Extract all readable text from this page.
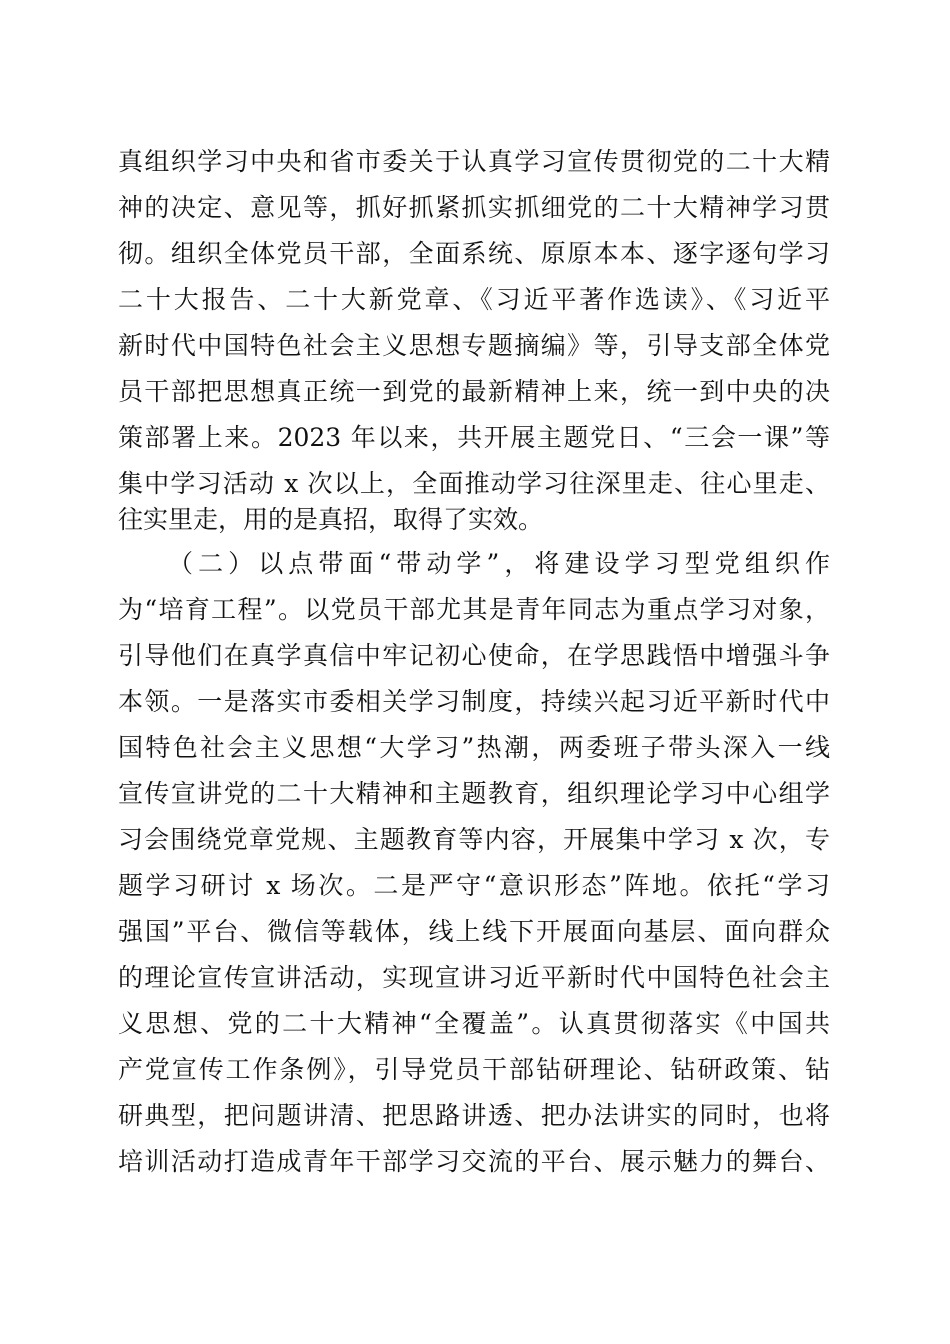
真组织学习中央和省市委关于认真学习宣传贯彻党的二十大精
神的决定、意见等，抓好抓紧抓实抓细党的二十大精神学习贯
彻。组织全体党员干部，全面系统、原原本本、逐字逐句学习
二十大报告、二十大新党章、《习近平著作选读》、《习近平
新时代中国特色社会主义思想专题摘编》等，引导支部全体党
员干部把思想真正统一到党的最新精神上来，统一到中央的决
策部署上来。2023 年以来，共开展主题党日、“三会一课”等
集中学习活动 x 次以上，全面推动学习往深里走、往心里走、
往实里走，用的是真招，取得了实效。
（二）以点带面“带动学”，将建设学习型党组织作
为“培育工程”。以党员干部尤其是青年同志为重点学习对象，
引导他们在真学真信中牢记初心使命，在学思践悟中增强斗争
本领。一是落实市委相关学习制度，持续兴起习近平新时代中
国特色社会主义思想“大学习”热潮，两委班子带头深入一线
宣传宣讲党的二十大精神和主题教育，组织理论学习中心组学
习会围绕党章党规、主题教育等内容，开展集中学习 x 次，专
题学习研讨 x 场次。二是严守“意识形态”阵地。依托“学习
强国”平台、微信等载体，线上线下开展面向基层、面向群众
的理论宣传宣讲活动，实现宣讲习近平新时代中国特色社会主
义思想、党的二十大精神“全覆盖”。认真贯彻落实《中国共
产党宣传工作条例》，引导党员干部钻研理论、钻研政策、钻
研典型，把问题讲清、把思路讲透、把办法讲实的同时，也将
培训活动打造成青年干部学习交流的平台、展示魅力的舞台、
